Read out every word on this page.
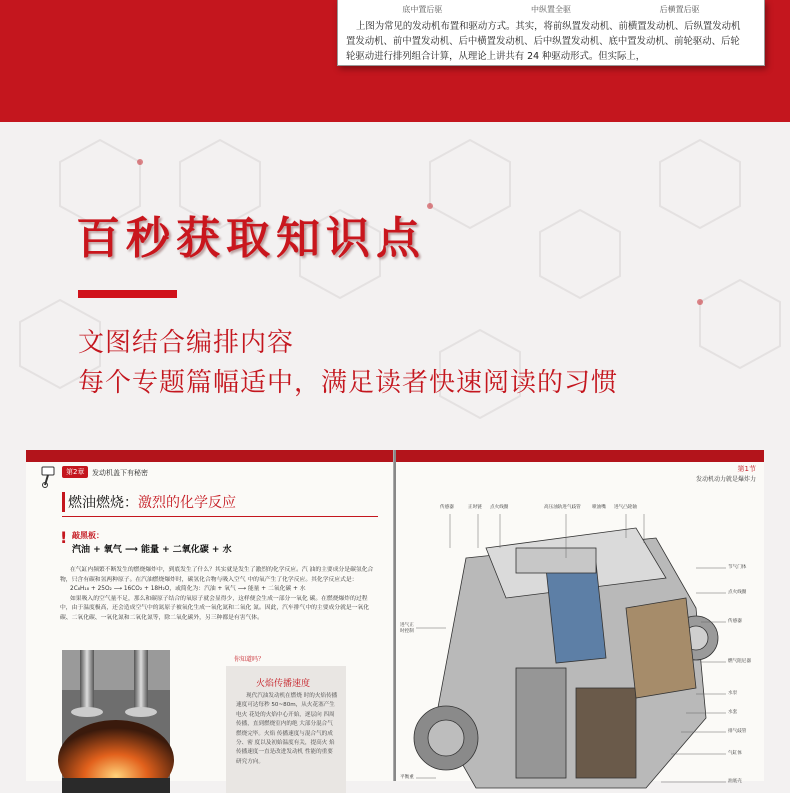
底中置后驱	中纵置全驱	后横置后驱
上图为常见的发动机布置和驱动方式。其实，将前纵置发动机、前横置发动机、后纵置发动机
置发动机、前中置发动机、后中横置发动机、后中纵置发动机、底中置发动机、前轮驱动、后轮
轮驱动进行排列组合计算，从理论上讲共有 24 种驱动形式。但实际上，
百秒获取知识点
文图结合编排内容
每个专题篇幅适中，满足读者快速阅读的习惯
第2章	发动机盖下有秘密
燃油燃烧：激烈的化学反应
! 敲黑板：
汽油 + 氧气 ⟶ 能量 + 二氧化碳 + 水

在气缸内频繁不断发生的燃烧爆炸中，到底发生了什么？其实就是发生了激烈的化学反应。汽 油的主要成分是碳氢化合物，只含有碳和氢两种原子。在汽油燃烧爆炸时，碳氢化合物与吸入空气 中的氧产生了化学反应。其化学反应式是：

2C₈H₁₈ + 25O₂ ⟶ 16CO₂ + 18H₂O，或简化为：汽油 + 氧气 ⟶ 能量 + 二氧化碳 + 水

如果吸入的空气量不足，那么和碳原子结合的氧原子就会显得少，这样便会生成一部分一氧化 碳。在燃烧爆炸的过程中，由于温度极高，还会造成空气中的氮原子被氧化生成一氧化氮和二氧化 氮。因此，汽车排气中的主要成分就是一氧化碳、二氧化碳、一氧化氮和二氧化氮等，除二氧化碳外，另三种都是有害气体。

你知道吗？
火焰传播速度

现代汽油发动机在燃烧 时的火焰传播速度可达每秒 50~80m，从火花塞产生电火 花处的火焰中心开始，逐层向 四周传播，直到燃烧室内的绝 大部分混合气燃烧完毕。火焰 传播速度与混合气的成分、密 度以及初始温度有关，提高火 焰传播速度一直是改进发动机 性能的重要研究方向。

第1节
发动机动力就是爆炸力
传感器	正时链 点火线圈	高压油轨进气歧管 喷油嘴 进气凸轮轴
节气门体
点火线圈
传感器
燃气阻尼器
水泵
水套
排气歧管
气缸体
油底壳
进气正时控制
平衡重
